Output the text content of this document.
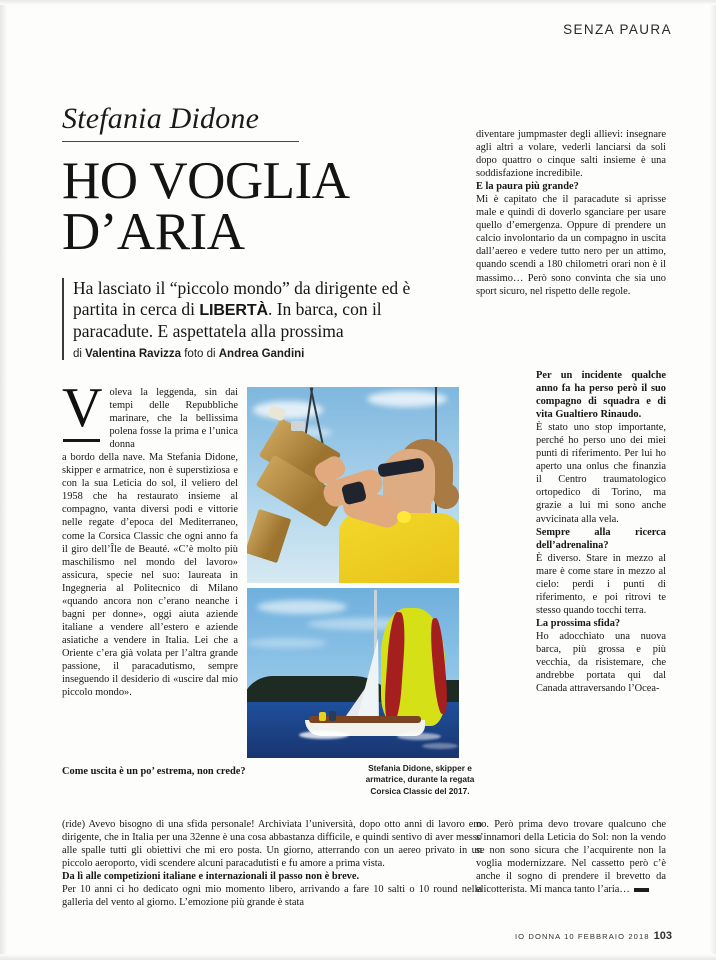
SENZA PAURA
Stefania Didone
HO VOGLIA
D’ARIA
Ha lasciato il “piccolo mondo” da dirigente ed è partita in cerca di LIBERTÀ. In barca, con il paracadute. E aspettatela alla prossima
di Valentina Ravizza foto di Andrea Gandini
Stefania Didone, skipper e armatrice, durante la regata Corsica Classic del 2017.
V oleva la leggenda, sin dai tempi delle Repubbliche marinare, che la bellissima polena fosse la prima e l’unica donna

a bordo della nave. Ma Stefania Didone, skipper e armatrice, non è superstiziosa e con la sua Leticia do sol, il veliero del 1958 che ha restaurato insieme al compagno, vanta diversi podi e vittorie nelle regate d’epoca del Mediterraneo, come la Corsica Classic che ogni anno fa il giro dell’Île de Beauté. «C’è molto più maschilismo nel mondo del lavoro» assicura, specie nel suo: laureata in Ingegneria al Politecnico di Milano «quando ancora non c’erano neanche i bagni per donne», oggi aiuta aziende italiane a vendere all’estero e aziende asiatiche a vendere in Italia. Lei che a Oriente c’era già volata per l’altra grande passione, il paracadutismo, sempre inseguendo il desiderio di «uscire dal mio piccolo mondo».

Come uscita è un po’ estrema, non crede?

(ride) Avevo bisogno di una sfida personale! Archiviata l’università, dopo otto anni di lavoro ero dirigente, che in Italia per una 32enne è una cosa abbastanza difficile, e quindi sentivo di aver messo alle spalle tutti gli obiettivi che mi ero posta. Un giorno, atterrando con un aereo privato in un piccolo aeroporto, vidi scendere alcuni paracadutisti e fu amore a prima vista.

Da lì alle competizioni italiane e internazionali il passo non è breve.

Per 10 anni ci ho dedicato ogni mio momento libero, arrivando a fare 10 salti o 10 round nella galleria del vento al giorno. L’emozione più grande è stata

diventare jumpmaster degli allievi: insegnare agli altri a volare, vederli lanciarsi da soli dopo quattro o cinque salti insieme è una soddisfazione incredibile.

E la paura più grande?

Mi è capitato che il paracadute si aprisse male e quindi di doverlo sganciare per usare quello d’emergenza. Oppure di prendere un calcio involontario da un compagno in uscita dall’aereo e vedere tutto nero per un attimo, quando scendi a 180 chilometri orari non è il massimo… Però sono convinta che sia uno sport sicuro, nel rispetto delle regole.

Per un incidente qualche anno fa ha perso però il suo compagno di squadra e di vita Gualtiero Rinaudo.

È stato uno stop importante, perché ho perso uno dei miei punti di riferimento. Per lui ho aperto una onlus che finanzia il Centro traumatologico ortopedico di Torino, ma grazie a lui mi sono anche avvicinata alla vela.

Sempre alla ricerca dell’adrenalina?

È diverso. Stare in mezzo al mare è come stare in mezzo al cielo: perdi i punti di riferimento, e poi ritrovi te stesso quando tocchi terra.

La prossima sfida?

Ho adocchiato una nuova barca, più grossa e più vecchia, da risistemare, che andrebbe portata qui dal Canada attraversando l’Ocea-

no. Però prima devo trovare qualcuno che s’innamori della Leticia do Sol: non la vendo se non sono sicura che l’acquirente non la voglia modernizzare. Nel cassetto però c’è anche il sogno di prendere il brevetto da elicotterista. Mi manca tanto l’aria…

IO DONNA 10 FEBBRAIO 2018 103
